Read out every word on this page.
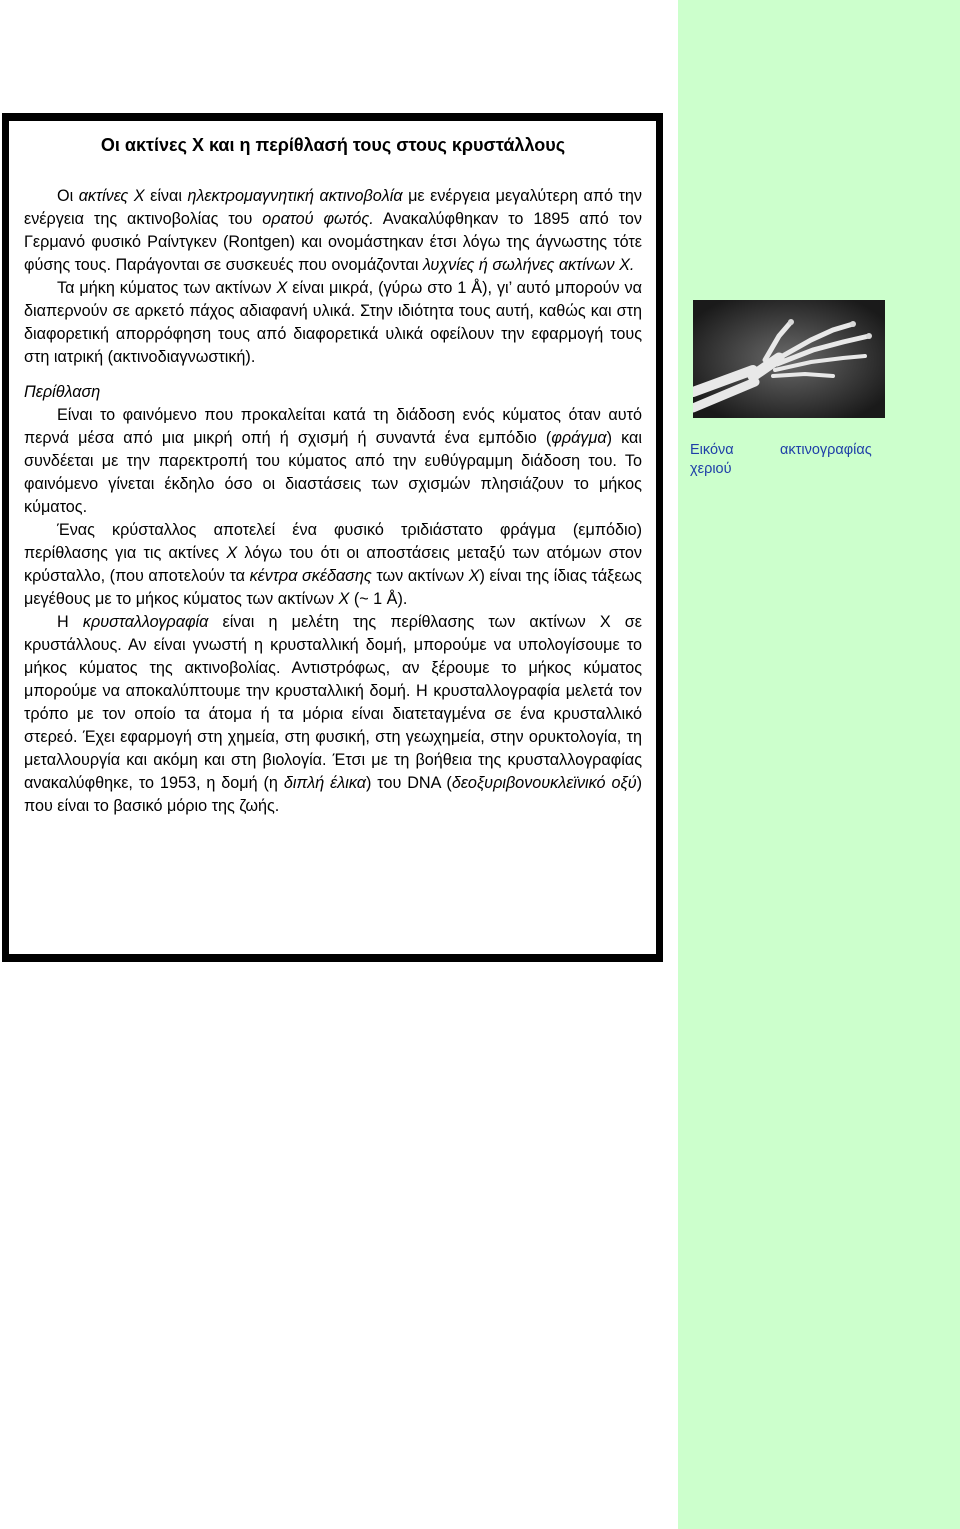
Οι ακτίνες Χ και η περίθλασή τους στους κρυστάλλους

Οι ακτίνες Χ είναι ηλεκτρομαγνητική ακτινοβολία με ενέργεια μεγαλύτερη από την ενέργεια της ακτινοβολίας του ορατού φωτός. Ανακαλύφθηκαν το 1895 από τον Γερμανό φυσικό Ραίντγκεν (Rontgen) και ονομάστηκαν έτσι λόγω της άγνωστης τότε φύσης τους. Παράγονται σε συσκευές που ονομάζονται λυχνίες ή σωλήνες ακτίνων Χ.

Τα μήκη κύματος των ακτίνων Χ είναι μικρά, (γύρω στο 1 Å), γι’ αυτό μπορούν να διαπερνούν σε αρκετό πάχος αδιαφανή υλικά. Στην ιδιότητα τους αυτή, καθώς και στη διαφορετική απορρόφηση τους από διαφορετικά υλικά οφείλουν την εφαρμογή τους στη ιατρική (ακτινοδιαγνωστική).

Περίθλαση

Είναι το φαινόμενο που προκαλείται κατά τη διάδοση ενός κύματος όταν αυτό περνά μέσα από μια μικρή οπή ή σχισμή ή συναντά ένα εμπόδιο (φράγμα) και συνδέεται με την παρεκτροπή του κύματος από την ευθύγραμμη διάδοση του. Το φαινόμενο γίνεται έκδηλο όσο οι διαστάσεις των σχισμών πλησιάζουν το μήκος κύματος.

Ένας κρύσταλλος αποτελεί ένα φυσικό τριδιάστατο φράγμα (εμπόδιο) περίθλασης για τις ακτίνες Χ λόγω του ότι οι αποστάσεις μεταξύ των ατόμων στον κρύσταλλο, (που αποτελούν τα κέντρα σκέδασης των ακτίνων Χ) είναι της ίδιας τάξεως μεγέθους με το μήκος κύματος των ακτίνων Χ (~ 1 Å).

Η κρυσταλλογραφία είναι η μελέτη της περίθλασης των ακτίνων Χ σε κρυστάλλους. Αν είναι γνωστή η κρυσταλλική δομή, μπορούμε να υπολογίσουμε το μήκος κύματος της ακτινοβολίας. Αντιστρόφως, αν ξέρουμε το μήκος κύματος μπορούμε να αποκαλύπτουμε την κρυσταλλική δομή. Η κρυσταλλογραφία μελετά τον τρόπο με τον οποίο τα άτομα ή τα μόρια είναι διατεταγμένα σε ένα κρυσταλλικό στερεό. Έχει εφαρμογή στη χημεία, στη φυσική, στη γεωχημεία, στην ορυκτολογία, τη μεταλλουργία και ακόμη και στη βιολογία. Έτσι με τη βοήθεια της κρυσταλλογραφίας ανακαλύφθηκε, το 1953, η δομή (η διπλή έλικα) του DNA (δεοξυριβονουκλεϊνικό οξύ) που είναι το βασικό μόριο της ζωής.

Εικόνα	ακτινογραφίας
χεριού
